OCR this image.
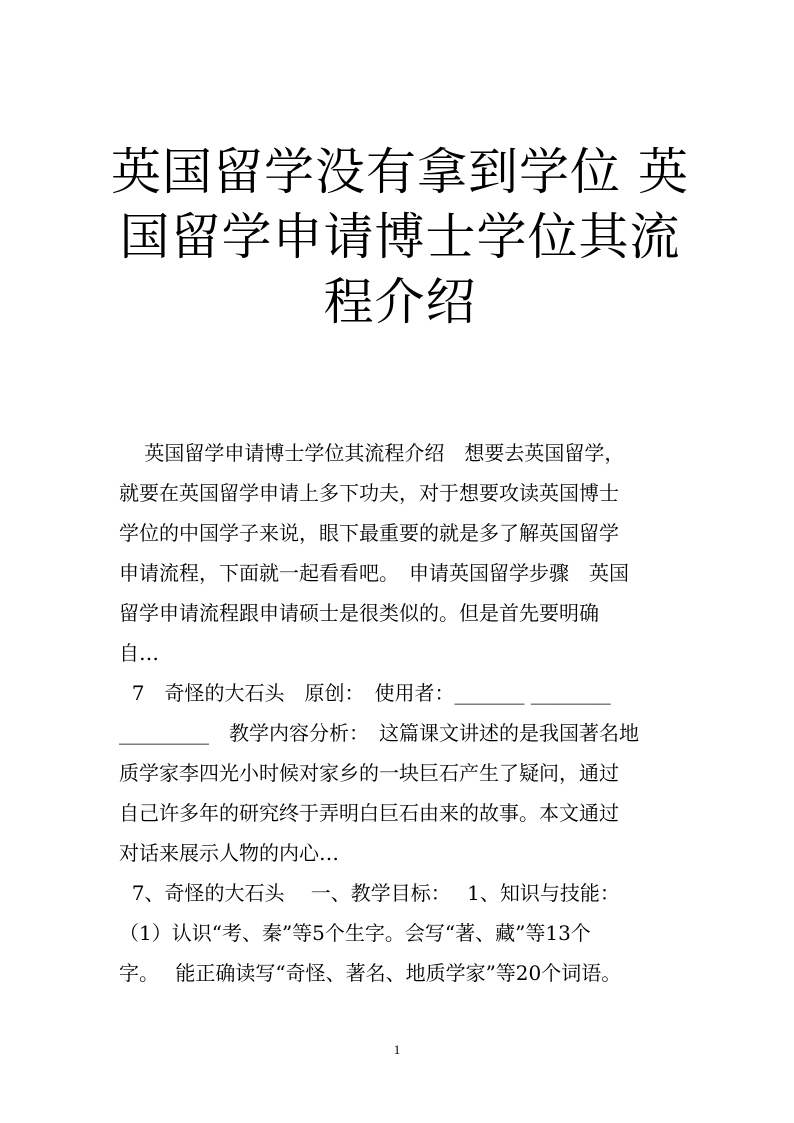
英国留学没有拿到学位 英国留学申请博士学位其流程介绍
英国留学申请博士学位其流程介绍　想要去英国留学，
就要在英国留学申请上多下功夫，对于想要攻读英国博士
学位的中国学子来说，眼下最重要的就是多了解英国留学
申请流程，下面就一起看看吧。　申请英国留学步骤　英国
留学申请流程跟申请硕士是很类似的。但是首先要明确
自…
7　奇怪的大石头　原创：　使用者：_______ ________
_________　教学内容分析：　这篇课文讲述的是我国著名地
质学家李四光小时候对家乡的一块巨石产生了疑问，通过
自己许多年的研究终于弄明白巨石由来的故事。本文通过
对话来展示人物的内心…
7、奇怪的大石头　 一、教学目标：　 1、知识与技能：
（1）认识“考、秦”等5个生字。会写“著、藏”等13个
字。　 能正确读写“奇怪、著名、地质学家”等20个词语。
1
